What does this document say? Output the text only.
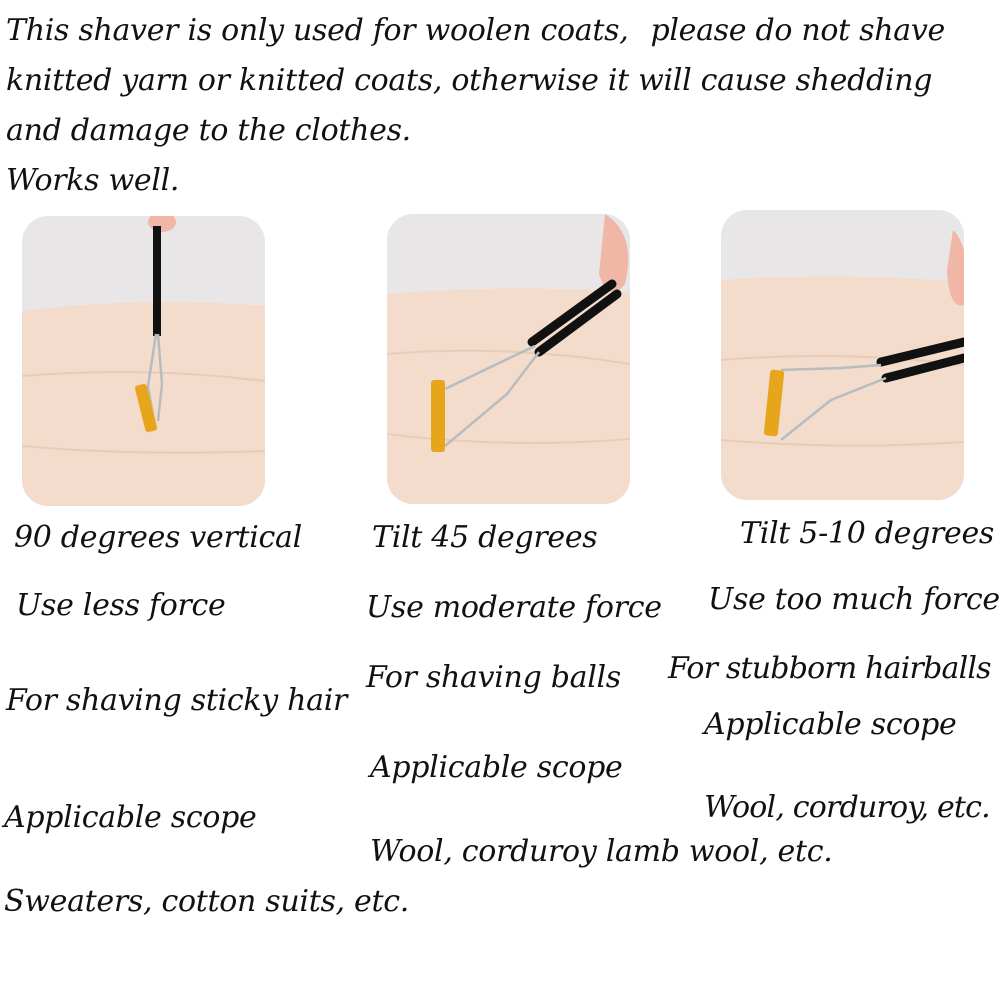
This shaver is only used for woolen coats, please do not shave
knitted yarn or knitted coats, otherwise it will cause shedding
and damage to the clothes.
Works well.
90 degrees vertical
Use less force
For shaving sticky hair
Applicable scope
Sweaters, cotton suits, etc.
Tilt 45 degrees
Use moderate force
For shaving balls
Applicable scope
Wool, corduroy lamb wool, etc.
Tilt 5-10 degrees
Use too much force
For stubborn hairballs
Applicable scope
Wool, corduroy, etc.
